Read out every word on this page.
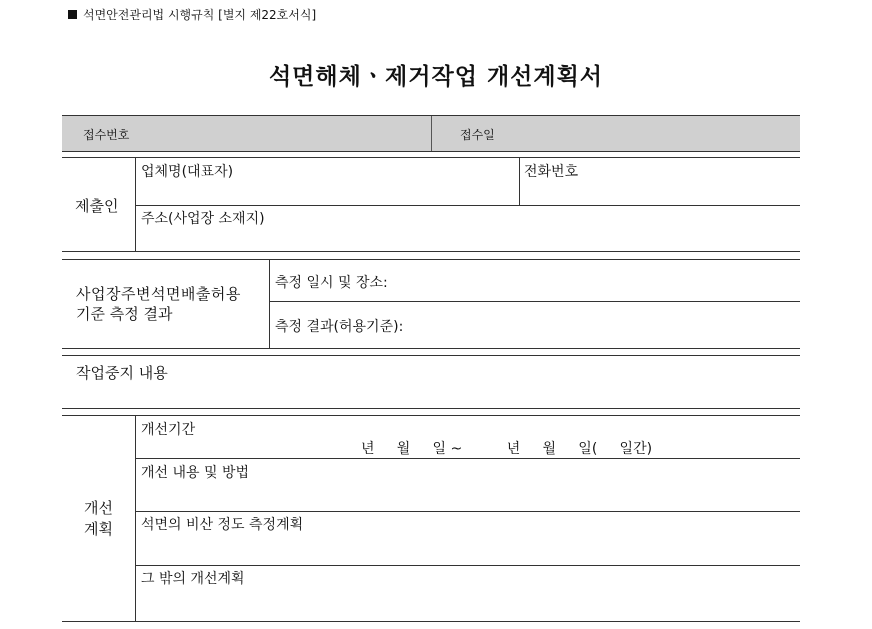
석면안전관리법 시행규칙 [별지 제22호서식]
석면해체ㆍ제거작업 개선계획서
접수번호	접수일
제출인
업체명(대표자)	전화번호
주소(사업장 소재지)
사업장주변석면배출허용
기준 측정 결과
측정 일시 및 장소:
측정 결과(허용기준):
작업중지 내용
개선
계획
개선기간
년     월     일 ~          년     월     일(     일간)
개선 내용 및 방법
석면의 비산 정도 측정계획
그 밖의 개선계획
